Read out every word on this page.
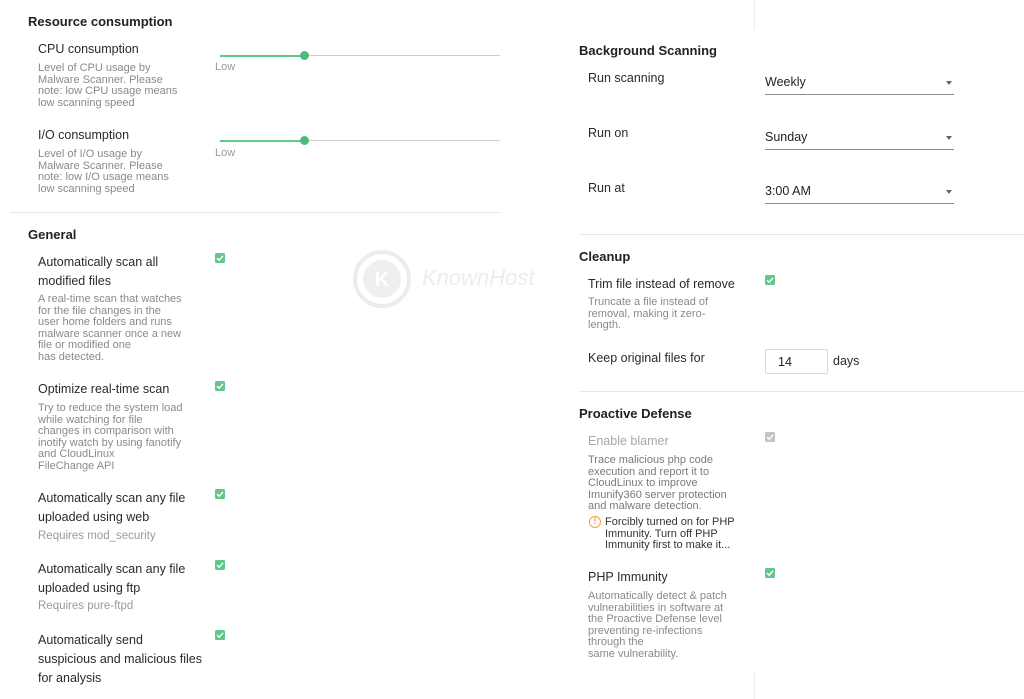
K KnownHost
Resource consumption
CPU consumption
Level of CPU usage by
Malware Scanner. Please
note: low CPU usage means
low scanning speed
Low
I/O consumption
Level of I/O usage by
Malware Scanner. Please
note: low I/O usage means
low scanning speed
Low
General
Automatically scan all
modified files
A real-time scan that watches
for the file changes in the
user home folders and runs
malware scanner once a new
file or modified one
has detected.
Optimize real-time scan
Try to reduce the system load
while watching for file
changes in comparison with
inotify watch by using fanotify
and CloudLinux
FileChange API
Automatically scan any file
uploaded using web
Requires mod_security
Automatically scan any file
uploaded using ftp
Requires pure-ftpd
Automatically send
suspicious and malicious files
for analysis
Background Scanning
Run scanning	Weekly
Run on	Sunday
Run at	3:00 AM
Cleanup
Trim file instead of remove
Truncate a file instead of
removal, making it zero-
length.
Keep original files for	14	days
Proactive Defense
Enable blamer
Trace malicious php code
execution and report it to
CloudLinux to improve
Imunify360 server protection
and malware detection.
! Forcibly turned on for PHP
Immunity. Turn off PHP
Immunity first to make it...
PHP Immunity
Automatically detect & patch
vulnerabilities in software at
the Proactive Defense level
preventing re-infections
through the
same vulnerability.
